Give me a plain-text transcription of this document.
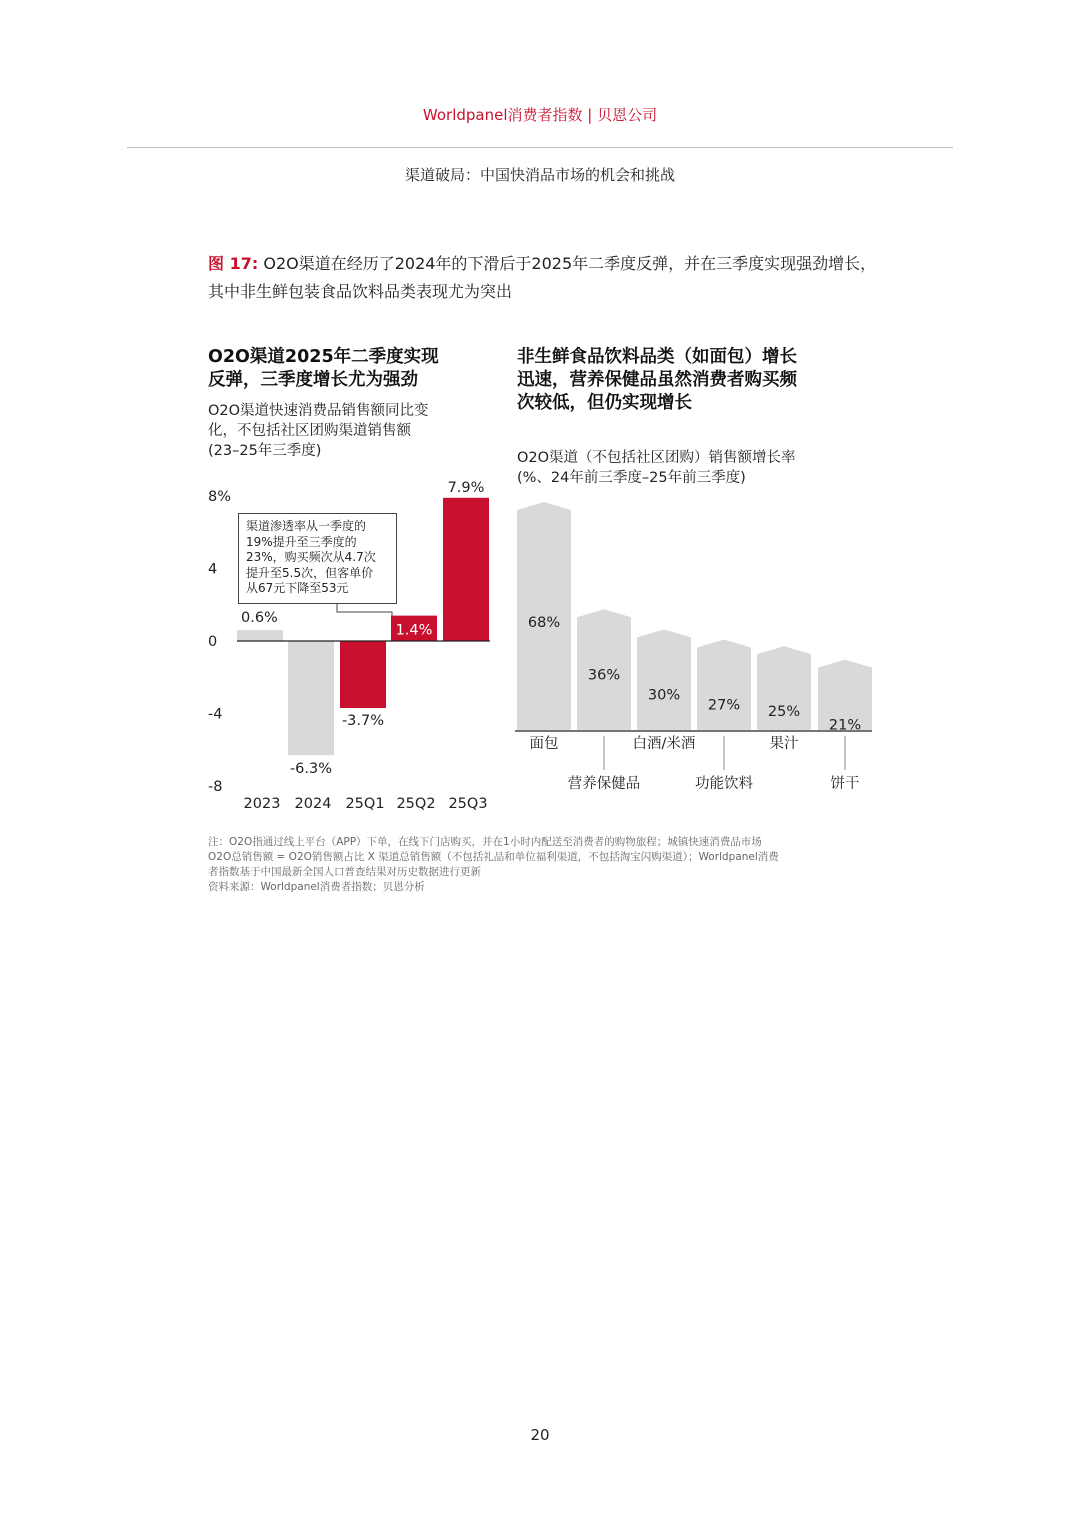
Worldpanel消费者指数 | 贝恩公司
渠道破局：中国快消品市场的机会和挑战
图 17: O2O渠道在经历了2024年的下滑后于2025年二季度反弹，并在三季度实现强劲增长，其中非生鲜包装食品饮料品类表现尤为突出
O2O渠道2025年二季度实现
反弹，三季度增长尤为强劲
O2O渠道快速消费品销售额同比变
化，不包括社区团购渠道销售额
(23–25年三季度)
非生鲜食品饮料品类（如面包）增长
迅速，营养保健品虽然消费者购买频
次较低，但仍实现增长
O2O渠道（不包括社区团购）销售额增长率
(%、24年前三季度–25年前三季度)
8%
4
0
-4
-8
0.6%
-6.3%
-3.7%
1.4%
7.9%
2023 2024 25Q1 25Q2 25Q3
渠道渗透率从一季度的
19%提升至三季度的
23%，购买频次从4.7次
提升至5.5次，但客单价
从67元下降至53元
68%
36%
30%
27% 25%
21%
面包
营养保健品
白酒/米酒
功能饮料
果汁
饼干
注：O2O指通过线上平台（APP）下单，在线下门店购买，并在1小时内配送至消费者的购物旅程；城镇快速消费品市场
O2O总销售额 = O2O销售额占比 X 渠道总销售额（不包括礼品和单位福利渠道，不包括淘宝闪购渠道）；Worldpanel消费
者指数基于中国最新全国人口普查结果对历史数据进行更新
资料来源：Worldpanel消费者指数；贝恩分析
20
